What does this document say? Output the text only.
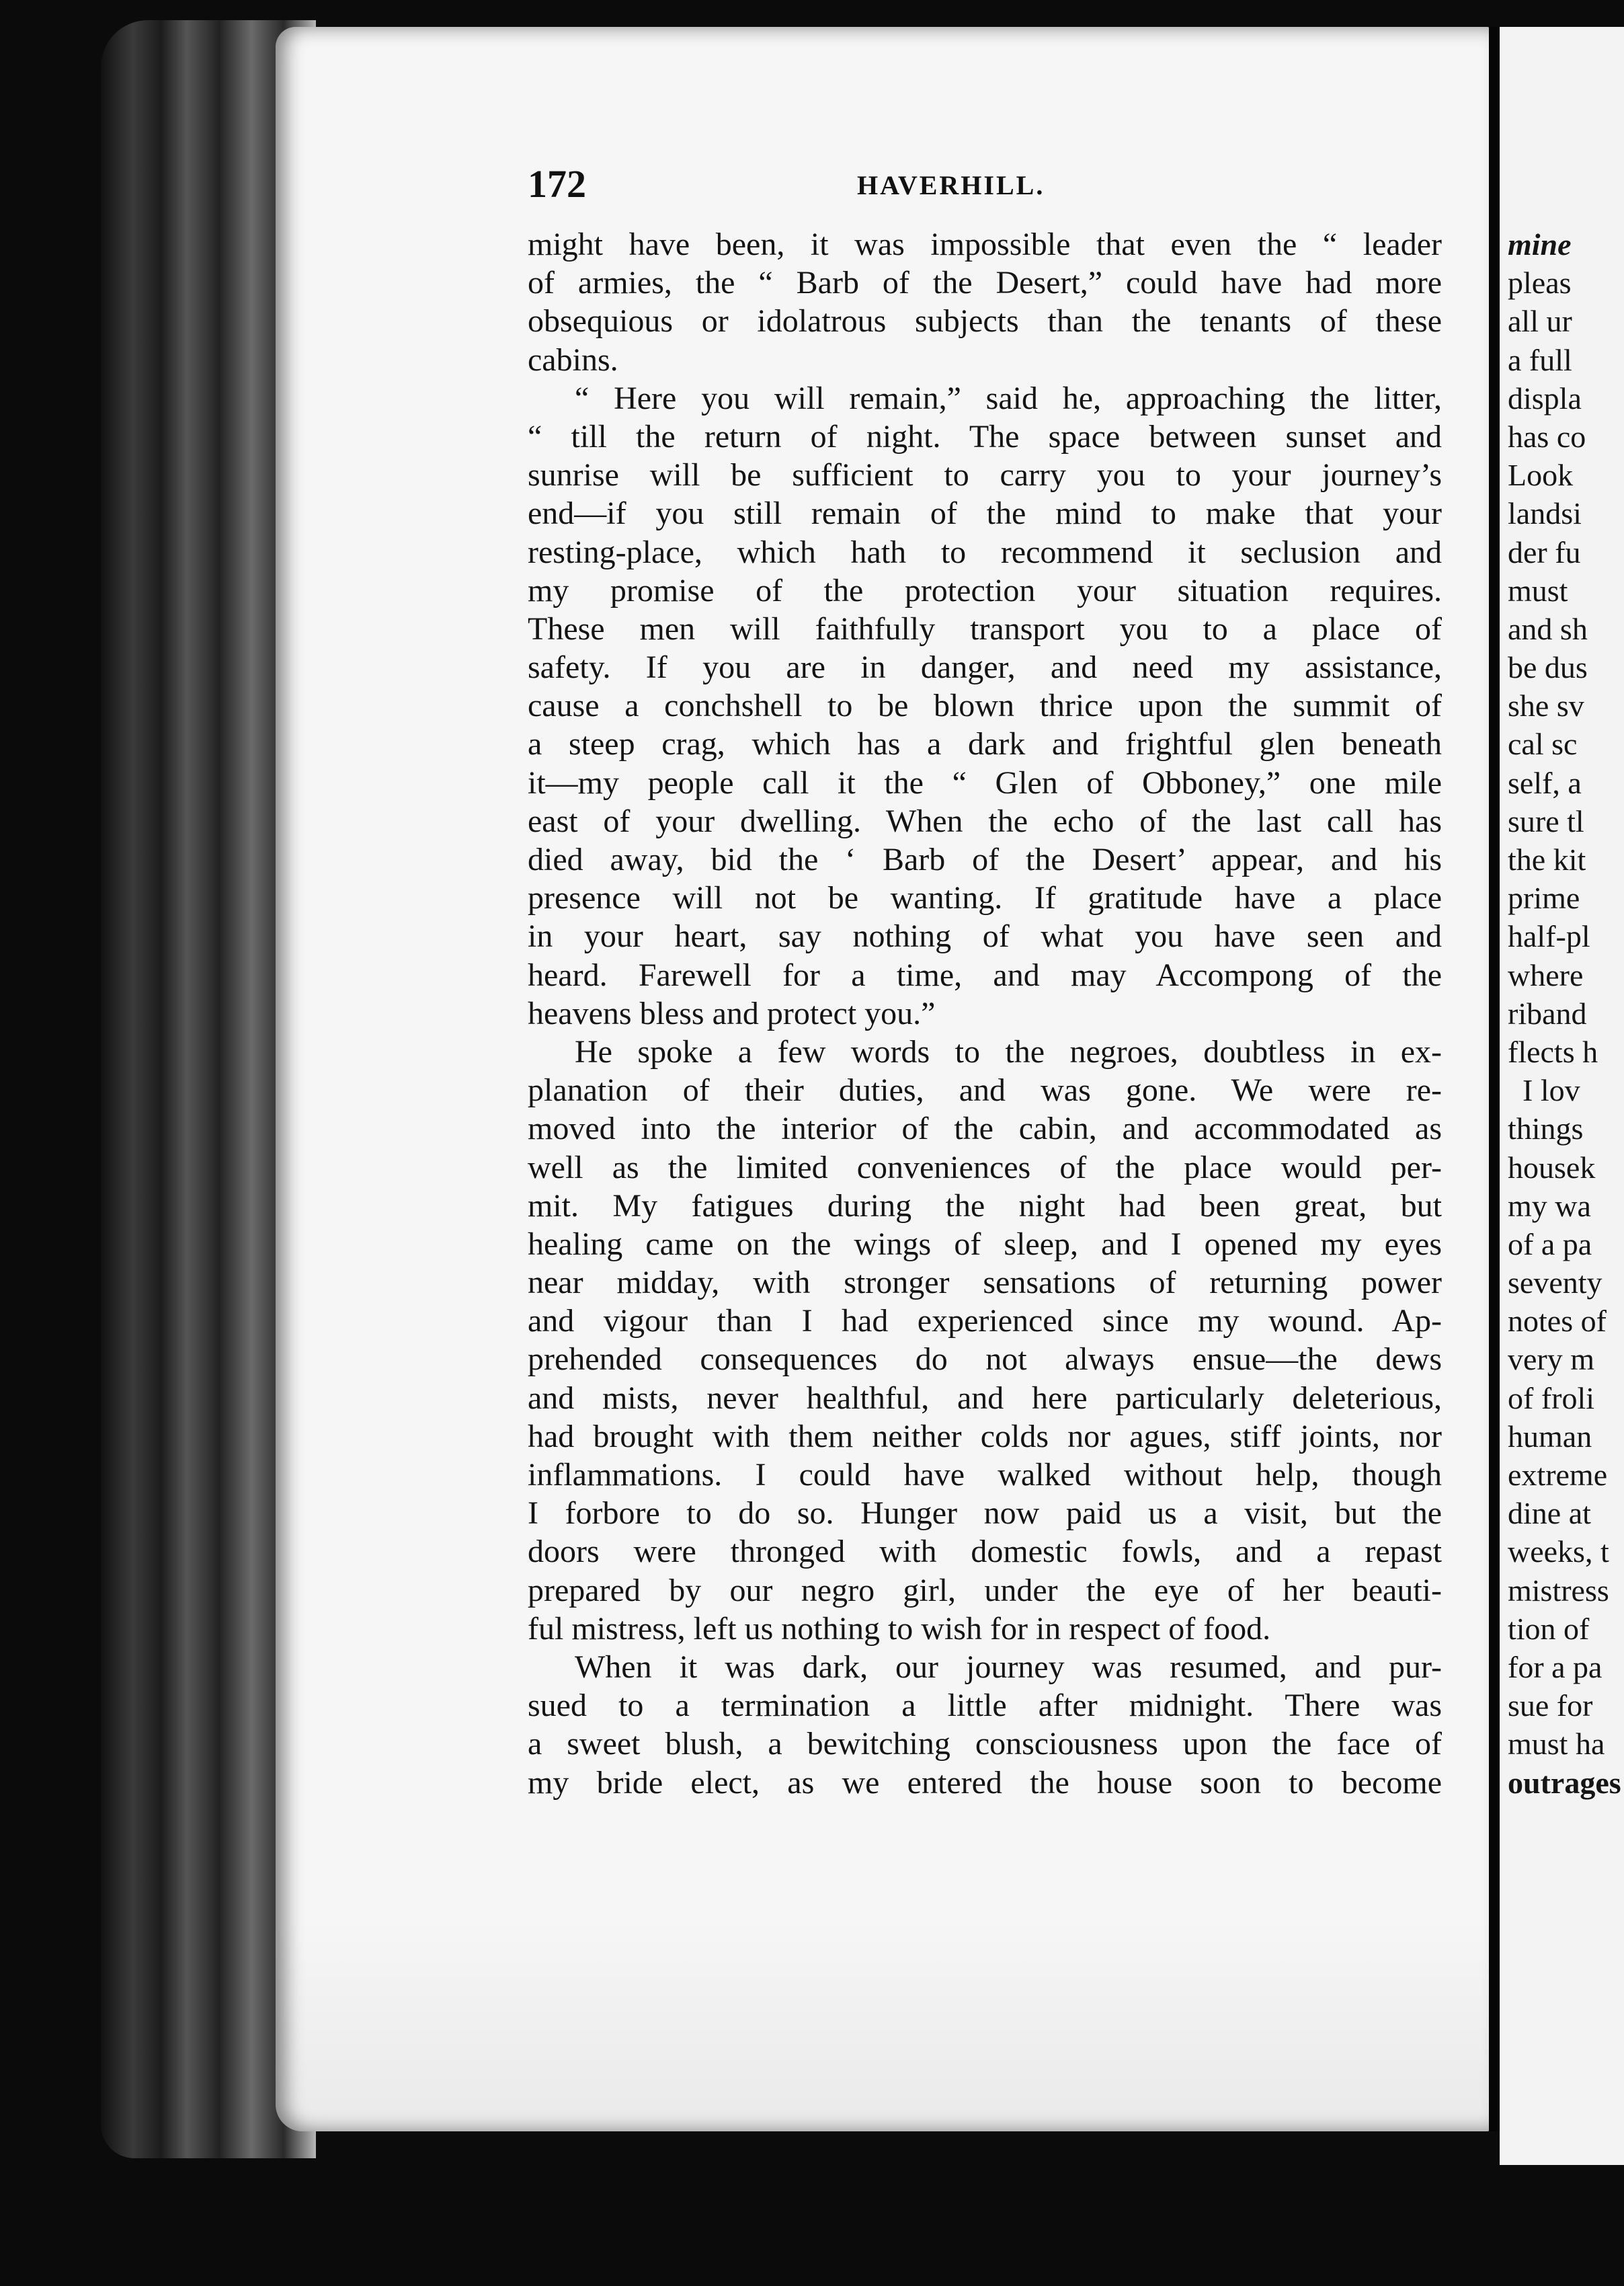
172	HAVERHILL.
might have been, it was impossible that even the “ leader
of armies, the “ Barb of the Desert,” could have had more
obsequious or idolatrous subjects than the tenants of these
cabins.
“ Here you will remain,” said he, approaching the litter,
“ till the return of night. The space between sunset and
sunrise will be sufficient to carry you to your journey’s
end—if you still remain of the mind to make that your
resting-place, which hath to recommend it seclusion and
my promise of the protection your situation requires.
These men will faithfully transport you to a place of
safety. If you are in danger, and need my assistance,
cause a conchshell to be blown thrice upon the summit of
a steep crag, which has a dark and frightful glen beneath
it—my people call it the “ Glen of Obboney,” one mile
east of your dwelling. When the echo of the last call has
died away, bid the ‘ Barb of the Desert’ appear, and his
presence will not be wanting. If gratitude have a place
in your heart, say nothing of what you have seen and
heard. Farewell for a time, and may Accompong of the
heavens bless and protect you.”
He spoke a few words to the negroes, doubtless in ex-
planation of their duties, and was gone. We were re-
moved into the interior of the cabin, and accommodated as
well as the limited conveniences of the place would per-
mit. My fatigues during the night had been great, but
healing came on the wings of sleep, and I opened my eyes
near midday, with stronger sensations of returning power
and vigour than I had experienced since my wound. Ap-
prehended consequences do not always ensue—the dews
and mists, never healthful, and here particularly deleterious,
had brought with them neither colds nor agues, stiff joints, nor
inflammations. I could have walked without help, though
I forbore to do so. Hunger now paid us a visit, but the
doors were thronged with domestic fowls, and a repast
prepared by our negro girl, under the eye of her beauti-
ful mistress, left us nothing to wish for in respect of food.
When it was dark, our journey was resumed, and pur-
sued to a termination a little after midnight. There was
a sweet blush, a bewitching consciousness upon the face of
my bride elect, as we entered the house soon to become
mine
pleas
all ur
a full
displa
has co
Look
landsi
der fu
must
and sh
be dus
she sv
cal sc
self, a
sure tl
the kit
prime
half-pl
where
riband
flects h
I lov
things
housek
my wa
of a pa
seventy
notes of
very m
of froli
human
extreme
dine at
weeks, t
mistress
tion of
for a pa
sue for
must ha
outrages
